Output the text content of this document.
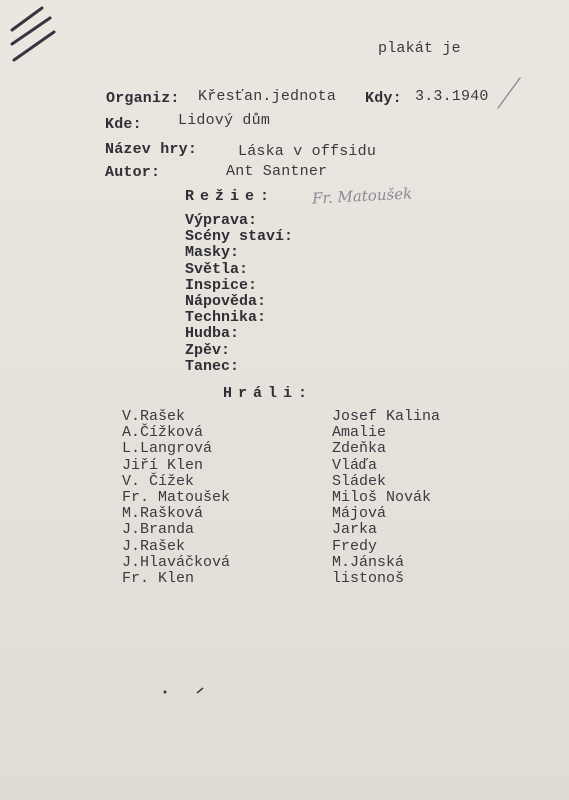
plakát je
Organiz: Křesťan.jednota Kdy: 3.3.1940
Kde: Lidový dům
Název hry:	Láska v offsidu
Autor:	Ant Santner
Režie: Fr. Matoušek
Výprava:
Scény staví:
Masky:
Světla:
Inspice:
Nápověda:
Technika:
Hudba:
Zpěv:
Tanec:
Hráli:
V.Rašek
A.Čížková
L.Langrová
Jiří Klen
V. Čížek
Fr. Matoušek
M.Rašková
J.Branda
J.Rašek
J.Hlaváčková
Fr. Klen
Josef Kalina
Amalie
Zdeňka
Vláďa
Sládek
Miloš Novák
Májová
Jarka
Fredy
M.Jánská
listonoš
